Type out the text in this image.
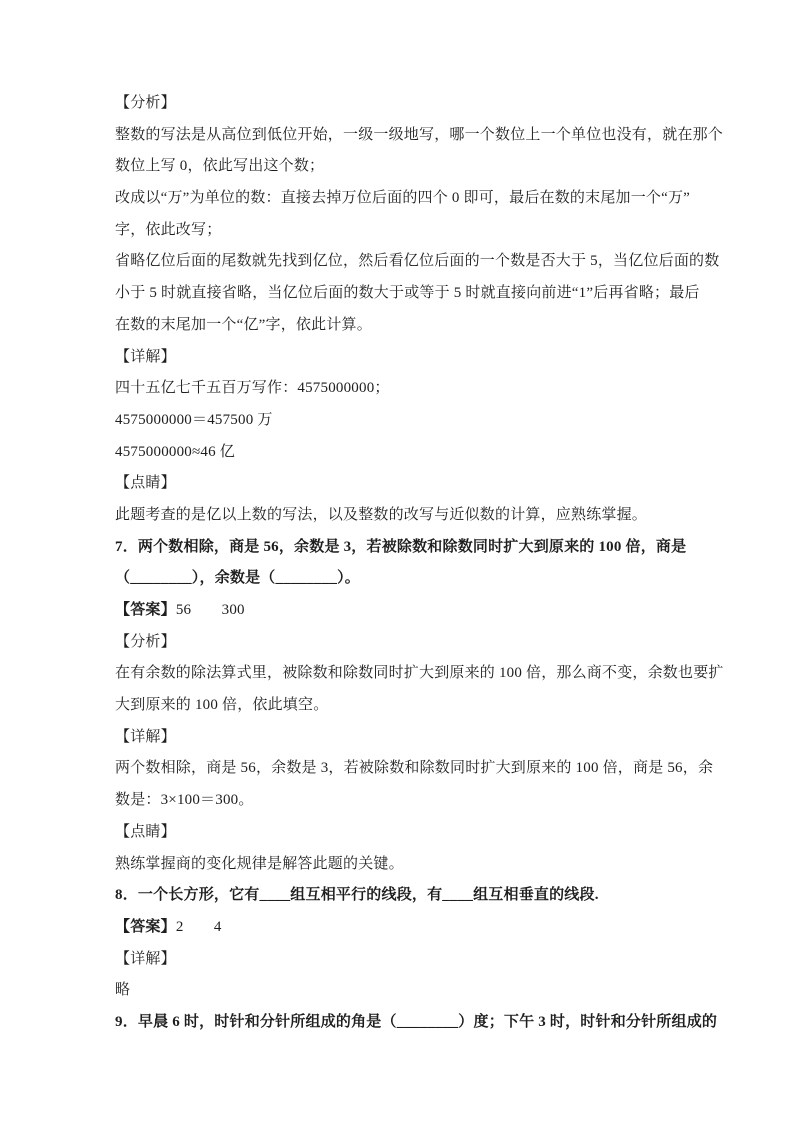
【分析】
整数的写法是从高位到低位开始，一级一级地写，哪一个数位上一个单位也没有，就在那个
数位上写 0，依此写出这个数；
改成以“万”为单位的数：直接去掉万位后面的四个 0 即可，最后在数的末尾加一个“万”
字，依此改写；
省略亿位后面的尾数就先找到亿位，然后看亿位后面的一个数是否大于 5，当亿位后面的数
小于 5 时就直接省略，当亿位后面的数大于或等于 5 时就直接向前进“1”后再省略；最后
在数的末尾加一个“亿”字，依此计算。
【详解】
四十五亿七千五百万写作：4575000000；
4575000000＝457500 万
4575000000≈46 亿
【点睛】
此题考查的是亿以上数的写法，以及整数的改写与近似数的计算，应熟练掌握。
7．两个数相除，商是 56，余数是 3，若被除数和除数同时扩大到原来的 100 倍，商是
（________），余数是（________）。
【答案】56　　300
【分析】
在有余数的除法算式里，被除数和除数同时扩大到原来的 100 倍，那么商不变，余数也要扩
大到原来的 100 倍，依此填空。
【详解】
两个数相除，商是 56，余数是 3，若被除数和除数同时扩大到原来的 100 倍，商是 56，余
数是：3×100＝300。
【点睛】
熟练掌握商的变化规律是解答此题的关键。
8．一个长方形，它有____组互相平行的线段，有____组互相垂直的线段.
【答案】2　　4
【详解】
略
9．早晨 6 时，时针和分针所组成的角是（________）度；下午 3 时，时针和分针所组成的
